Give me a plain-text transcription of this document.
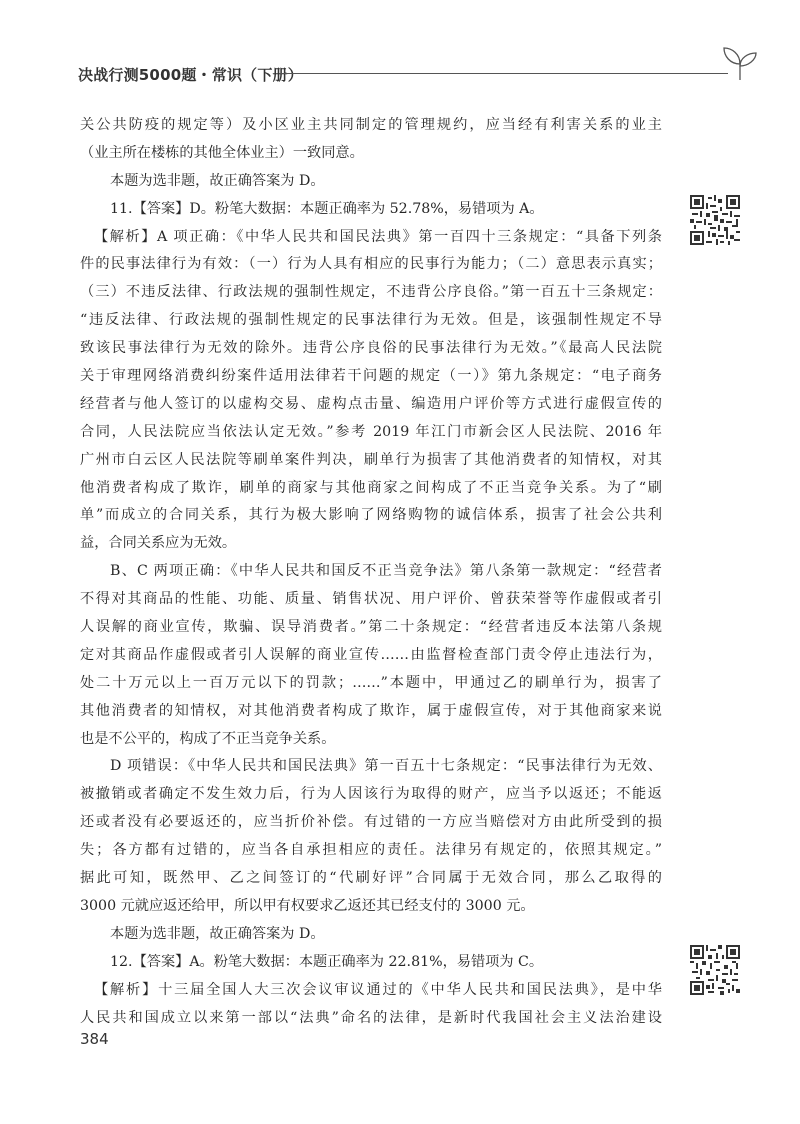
决战行测5000题・常识（下册）
关公共防疫的规定等）及小区业主共同制定的管理规约，应当经有利害关系的业主
（业主所在楼栋的其他全体业主）一致同意。
本题为选非题，故正确答案为 D。
11.【答案】D。粉笔大数据：本题正确率为 52.78%，易错项为 A。
【解析】A 项正确：《中华人民共和国民法典》第一百四十三条规定：“具备下列条
件的民事法律行为有效：（一）行为人具有相应的民事行为能力；（二）意思表示真实；
（三）不违反法律、行政法规的强制性规定，不违背公序良俗。”第一百五十三条规定：
“违反法律、行政法规的强制性规定的民事法律行为无效。但是，该强制性规定不导
致该民事法律行为无效的除外。违背公序良俗的民事法律行为无效。”《最高人民法院
关于审理网络消费纠纷案件适用法律若干问题的规定（一）》第九条规定：“电子商务
经营者与他人签订的以虚构交易、虚构点击量、编造用户评价等方式进行虚假宣传的
合同，人民法院应当依法认定无效。”参考 2019 年江门市新会区人民法院、2016 年
广州市白云区人民法院等刷单案件判决，刷单行为损害了其他消费者的知情权，对其
他消费者构成了欺诈，刷单的商家与其他商家之间构成了不正当竞争关系。为了“刷
单”而成立的合同关系，其行为极大影响了网络购物的诚信体系，损害了社会公共利
益，合同关系应为无效。
B、C 两项正确：《中华人民共和国反不正当竞争法》第八条第一款规定：“经营者
不得对其商品的性能、功能、质量、销售状况、用户评价、曾获荣誉等作虚假或者引
人误解的商业宣传，欺骗、误导消费者。”第二十条规定：“经营者违反本法第八条规
定对其商品作虚假或者引人误解的商业宣传……由监督检查部门责令停止违法行为，
处二十万元以上一百万元以下的罚款；……”本题中，甲通过乙的刷单行为，损害了
其他消费者的知情权，对其他消费者构成了欺诈，属于虚假宣传，对于其他商家来说
也是不公平的，构成了不正当竞争关系。
D 项错误：《中华人民共和国民法典》第一百五十七条规定：“民事法律行为无效、
被撤销或者确定不发生效力后，行为人因该行为取得的财产，应当予以返还；不能返
还或者没有必要返还的，应当折价补偿。有过错的一方应当赔偿对方由此所受到的损
失；各方都有过错的，应当各自承担相应的责任。法律另有规定的，依照其规定。”
据此可知，既然甲、乙之间签订的“代刷好评”合同属于无效合同，那么乙取得的
3000 元就应返还给甲，所以甲有权要求乙返还其已经支付的 3000 元。
本题为选非题，故正确答案为 D。
12.【答案】A。粉笔大数据：本题正确率为 22.81%，易错项为 C。
【解析】十三届全国人大三次会议审议通过的《中华人民共和国民法典》，是中华
人民共和国成立以来第一部以“法典”命名的法律，是新时代我国社会主义法治建设
384
